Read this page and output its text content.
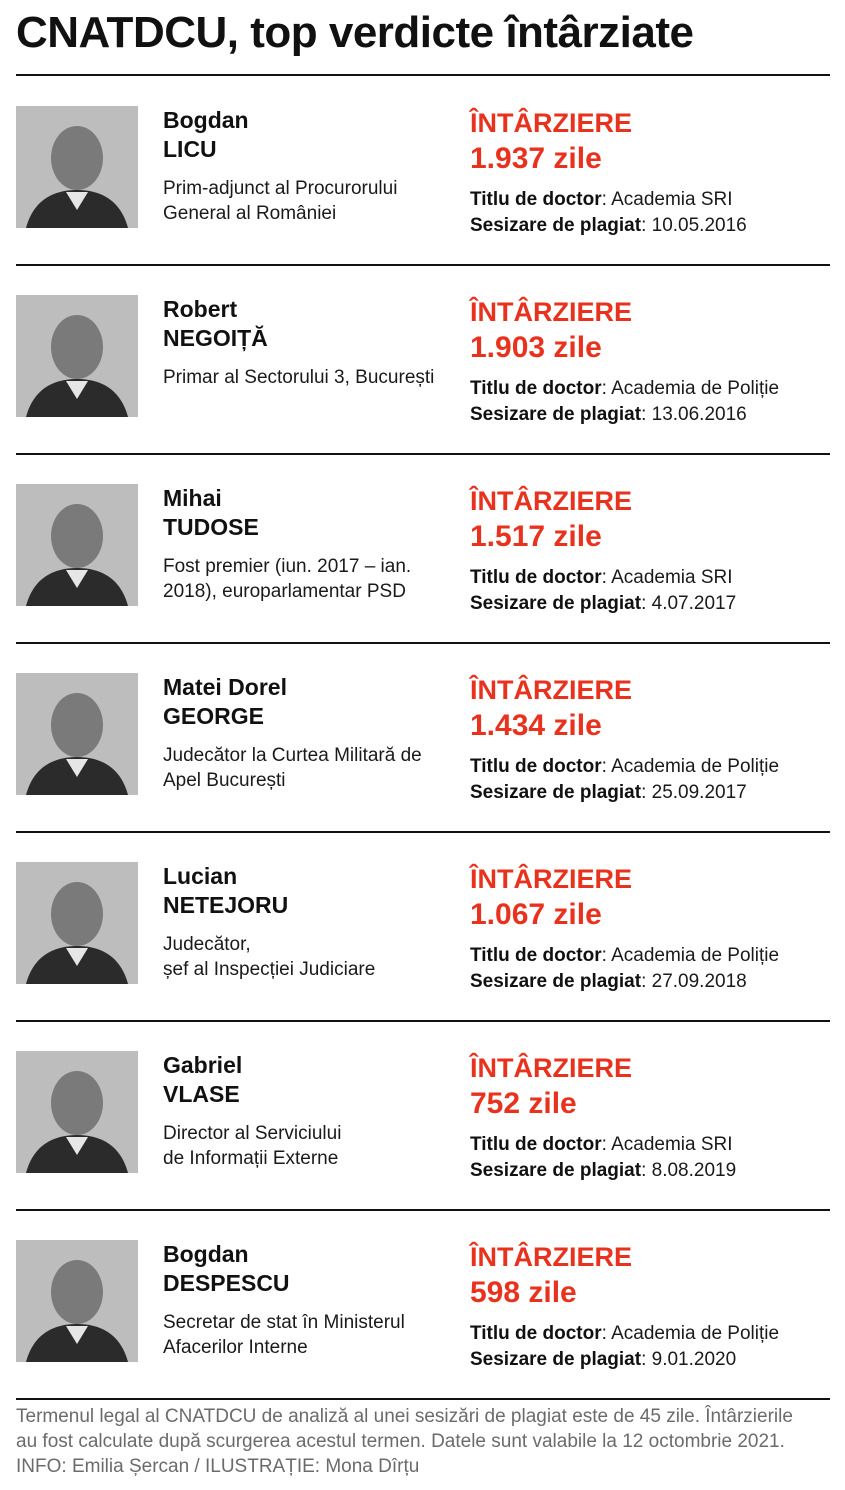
CNATDCU, top verdicte întârziate
Bogdan
LICU
Prim-adjunct al Procurorului General al României
ÎNTÂRZIERE
1.937 zile
Titlu de doctor: Academia SRI
Sesizare de plagiat: 10.05.2016
Robert
NEGOIȚĂ
Primar al Sectorului 3, București
ÎNTÂRZIERE
1.903 zile
Titlu de doctor: Academia de Poliție
Sesizare de plagiat: 13.06.2016
Mihai
TUDOSE
Fost premier (iun. 2017 – ian. 2018), europarlamentar PSD
ÎNTÂRZIERE
1.517 zile
Titlu de doctor: Academia SRI
Sesizare de plagiat: 4.07.2017
Matei Dorel
GEORGE
Judecător la Curtea Militară de Apel București
ÎNTÂRZIERE
1.434 zile
Titlu de doctor: Academia de Poliție
Sesizare de plagiat: 25.09.2017
Lucian
NETEJORU
Judecător,
șef al Inspecției Judiciare
ÎNTÂRZIERE
1.067 zile
Titlu de doctor: Academia de Poliție
Sesizare de plagiat: 27.09.2018
Gabriel
VLASE
Director al Serviciului
de Informații Externe
ÎNTÂRZIERE
752 zile
Titlu de doctor: Academia SRI
Sesizare de plagiat: 8.08.2019
Bogdan
DESPESCU
Secretar de stat în Ministerul Afacerilor Interne
ÎNTÂRZIERE
598 zile
Titlu de doctor: Academia de Poliție
Sesizare de plagiat: 9.01.2020
Termenul legal al CNATDCU de analiză al unei sesizări de plagiat este de 45 zile. Întârzierile au fost calculate după scurgerea acestul termen. Datele sunt valabile la 12 octombrie 2021. INFO: Emilia Șercan / ILUSTRAȚIE: Mona Dîrțu
